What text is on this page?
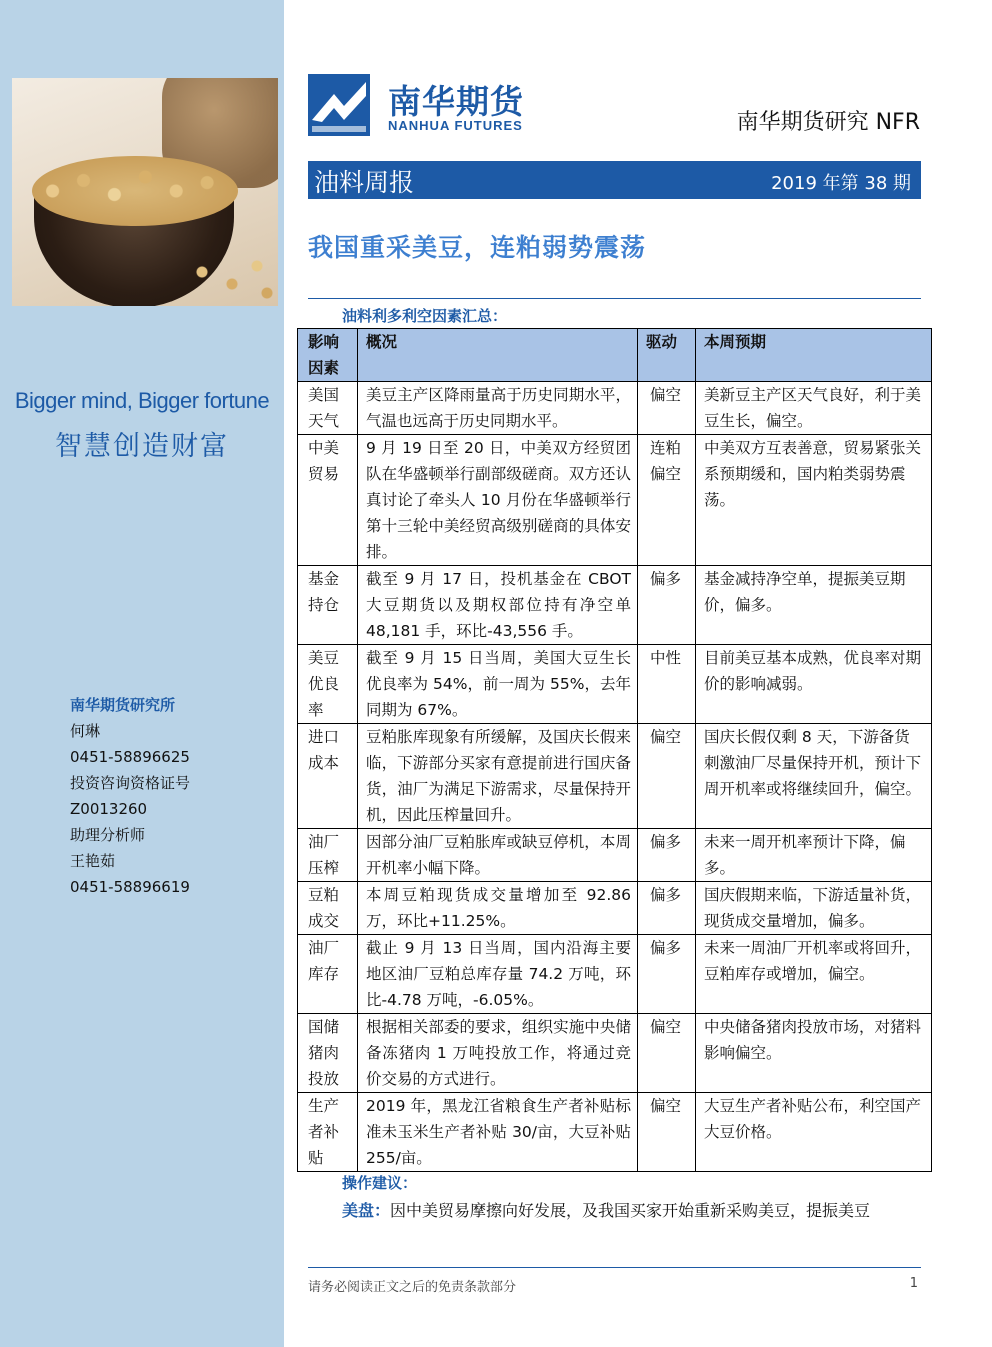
Bigger mind, Bigger fortune
智慧创造财富
南华期货研究所
何琳
0451-58896625
投资咨询资格证号
Z0013260
助理分析师
王艳茹
0451-58896619
南华期货
NANHUA FUTURES	南华期货研究 NFR
油料周报	2019 年第 38 期
我国重采美豆，连粕弱势震荡
油料利多利空因素汇总：
影响因素	概况	驱动	本周预期
美国天气	美豆主产区降雨量高于历史同期水平，气温也远高于历史同期水平。	偏空	美新豆主产区天气良好，利于美豆生长，偏空。
中美贸易	9 月 19 日至 20 日，中美双方经贸团队在华盛顿举行副部级磋商。双方还认真讨论了牵头人 10 月份在华盛顿举行第十三轮中美经贸高级别磋商的具体安排。	连粕偏空	中美双方互表善意，贸易紧张关系预期缓和，国内粕类弱势震荡。
基金持仓	截至 9 月 17 日，投机基金在 CBOT 大豆期货以及期权部位持有净空单 48,181 手，环比-43,556 手。	偏多	基金减持净空单，提振美豆期价，偏多。
美豆优良率	截至 9 月 15 日当周，美国大豆生长优良率为 54%，前一周为 55%，去年同期为 67%。	中性	目前美豆基本成熟，优良率对期价的影响减弱。
进口成本	豆粕胀库现象有所缓解，及国庆长假来临，下游部分买家有意提前进行国庆备货，油厂为满足下游需求，尽量保持开机，因此压榨量回升。	偏空	国庆长假仅剩 8 天，下游备货刺激油厂尽量保持开机，预计下周开机率或将继续回升，偏空。
油厂压榨	因部分油厂豆粕胀库或缺豆停机，本周开机率小幅下降。	偏多	未来一周开机率预计下降，偏多。
豆粕成交	本周豆粕现货成交量增加至 92.86 万，环比+11.25%。	偏多	国庆假期来临，下游适量补货，现货成交量增加，偏多。
油厂库存	截止 9 月 13 日当周，国内沿海主要地区油厂豆粕总库存量 74.2 万吨，环比-4.78 万吨，-6.05%。	偏多	未来一周油厂开机率或将回升，豆粕库存或增加，偏空。
国储猪肉投放	根据相关部委的要求，组织实施中央储备冻猪肉 1 万吨投放工作，将通过竞价交易的方式进行。	偏空	中央储备猪肉投放市场，对猪料影响偏空。
生产者补贴	2019 年，黑龙江省粮食生产者补贴标准未玉米生产者补贴 30/亩，大豆补贴 255/亩。	偏空	大豆生产者补贴公布，利空国产大豆价格。
操作建议：
美盘：因中美贸易摩擦向好发展，及我国买家开始重新采购美豆，提振美豆
请务必阅读正文之后的免责条款部分	1
